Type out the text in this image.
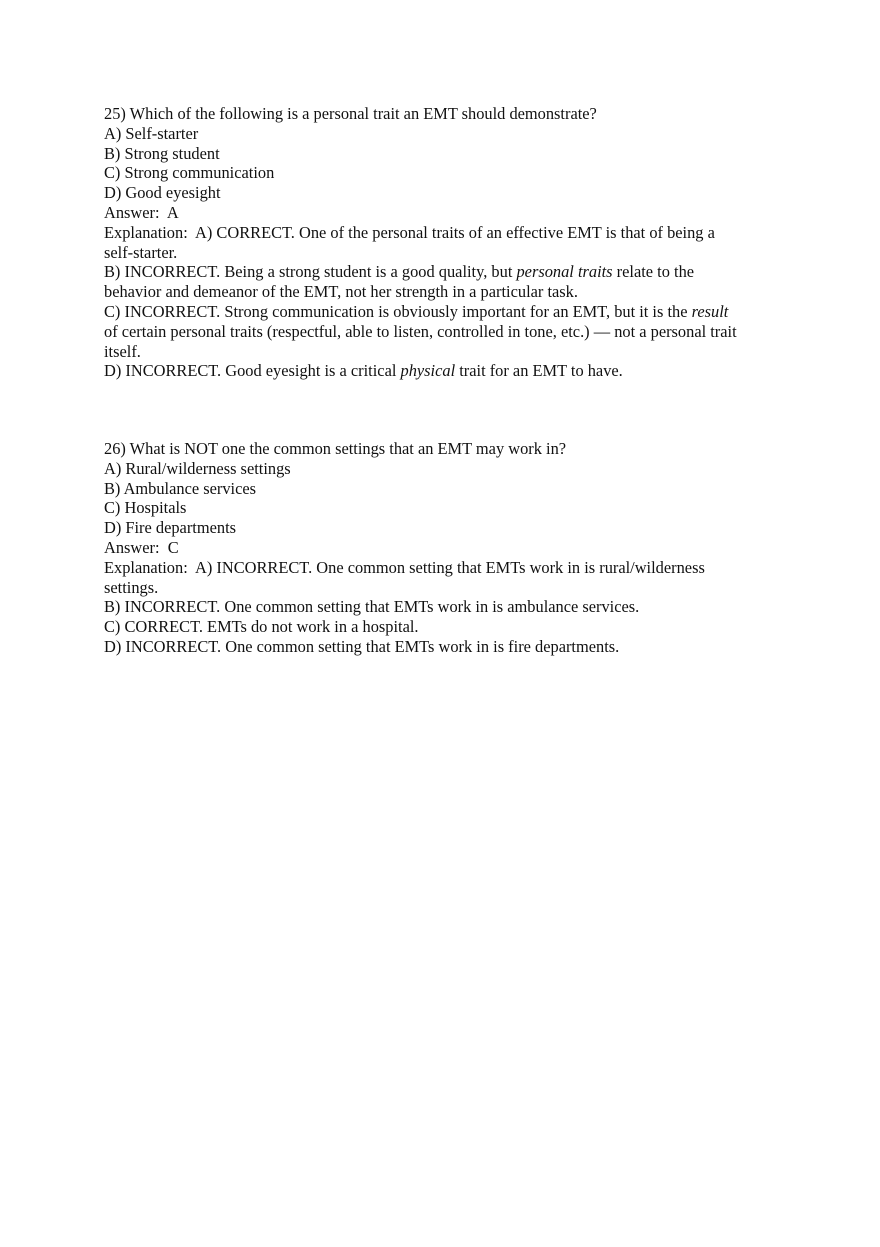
25) Which of the following is a personal trait an EMT should demonstrate?

A) Self-starter

B) Strong student

C) Strong communication

D) Good eyesight

Answer:  A

Explanation:  A) CORRECT. One of the personal traits of an effective EMT is that of being a

self-starter.

B) INCORRECT. Being a strong student is a good quality, but personal traits relate to the

behavior and demeanor of the EMT, not her strength in a particular task.

C) INCORRECT. Strong communication is obviously important for an EMT, but it is the result

of certain personal traits (respectful, able to listen, controlled in tone, etc.) — not a personal trait

itself.

D) INCORRECT. Good eyesight is a critical physical trait for an EMT to have.

26) What is NOT one the common settings that an EMT may work in?

A) Rural/wilderness settings

B) Ambulance services

C) Hospitals

D) Fire departments

Answer:  C

Explanation:  A) INCORRECT. One common setting that EMTs work in is rural/wilderness

settings.

B) INCORRECT. One common setting that EMTs work in is ambulance services.

C) CORRECT. EMTs do not work in a hospital.

D) INCORRECT. One common setting that EMTs work in is fire departments.
